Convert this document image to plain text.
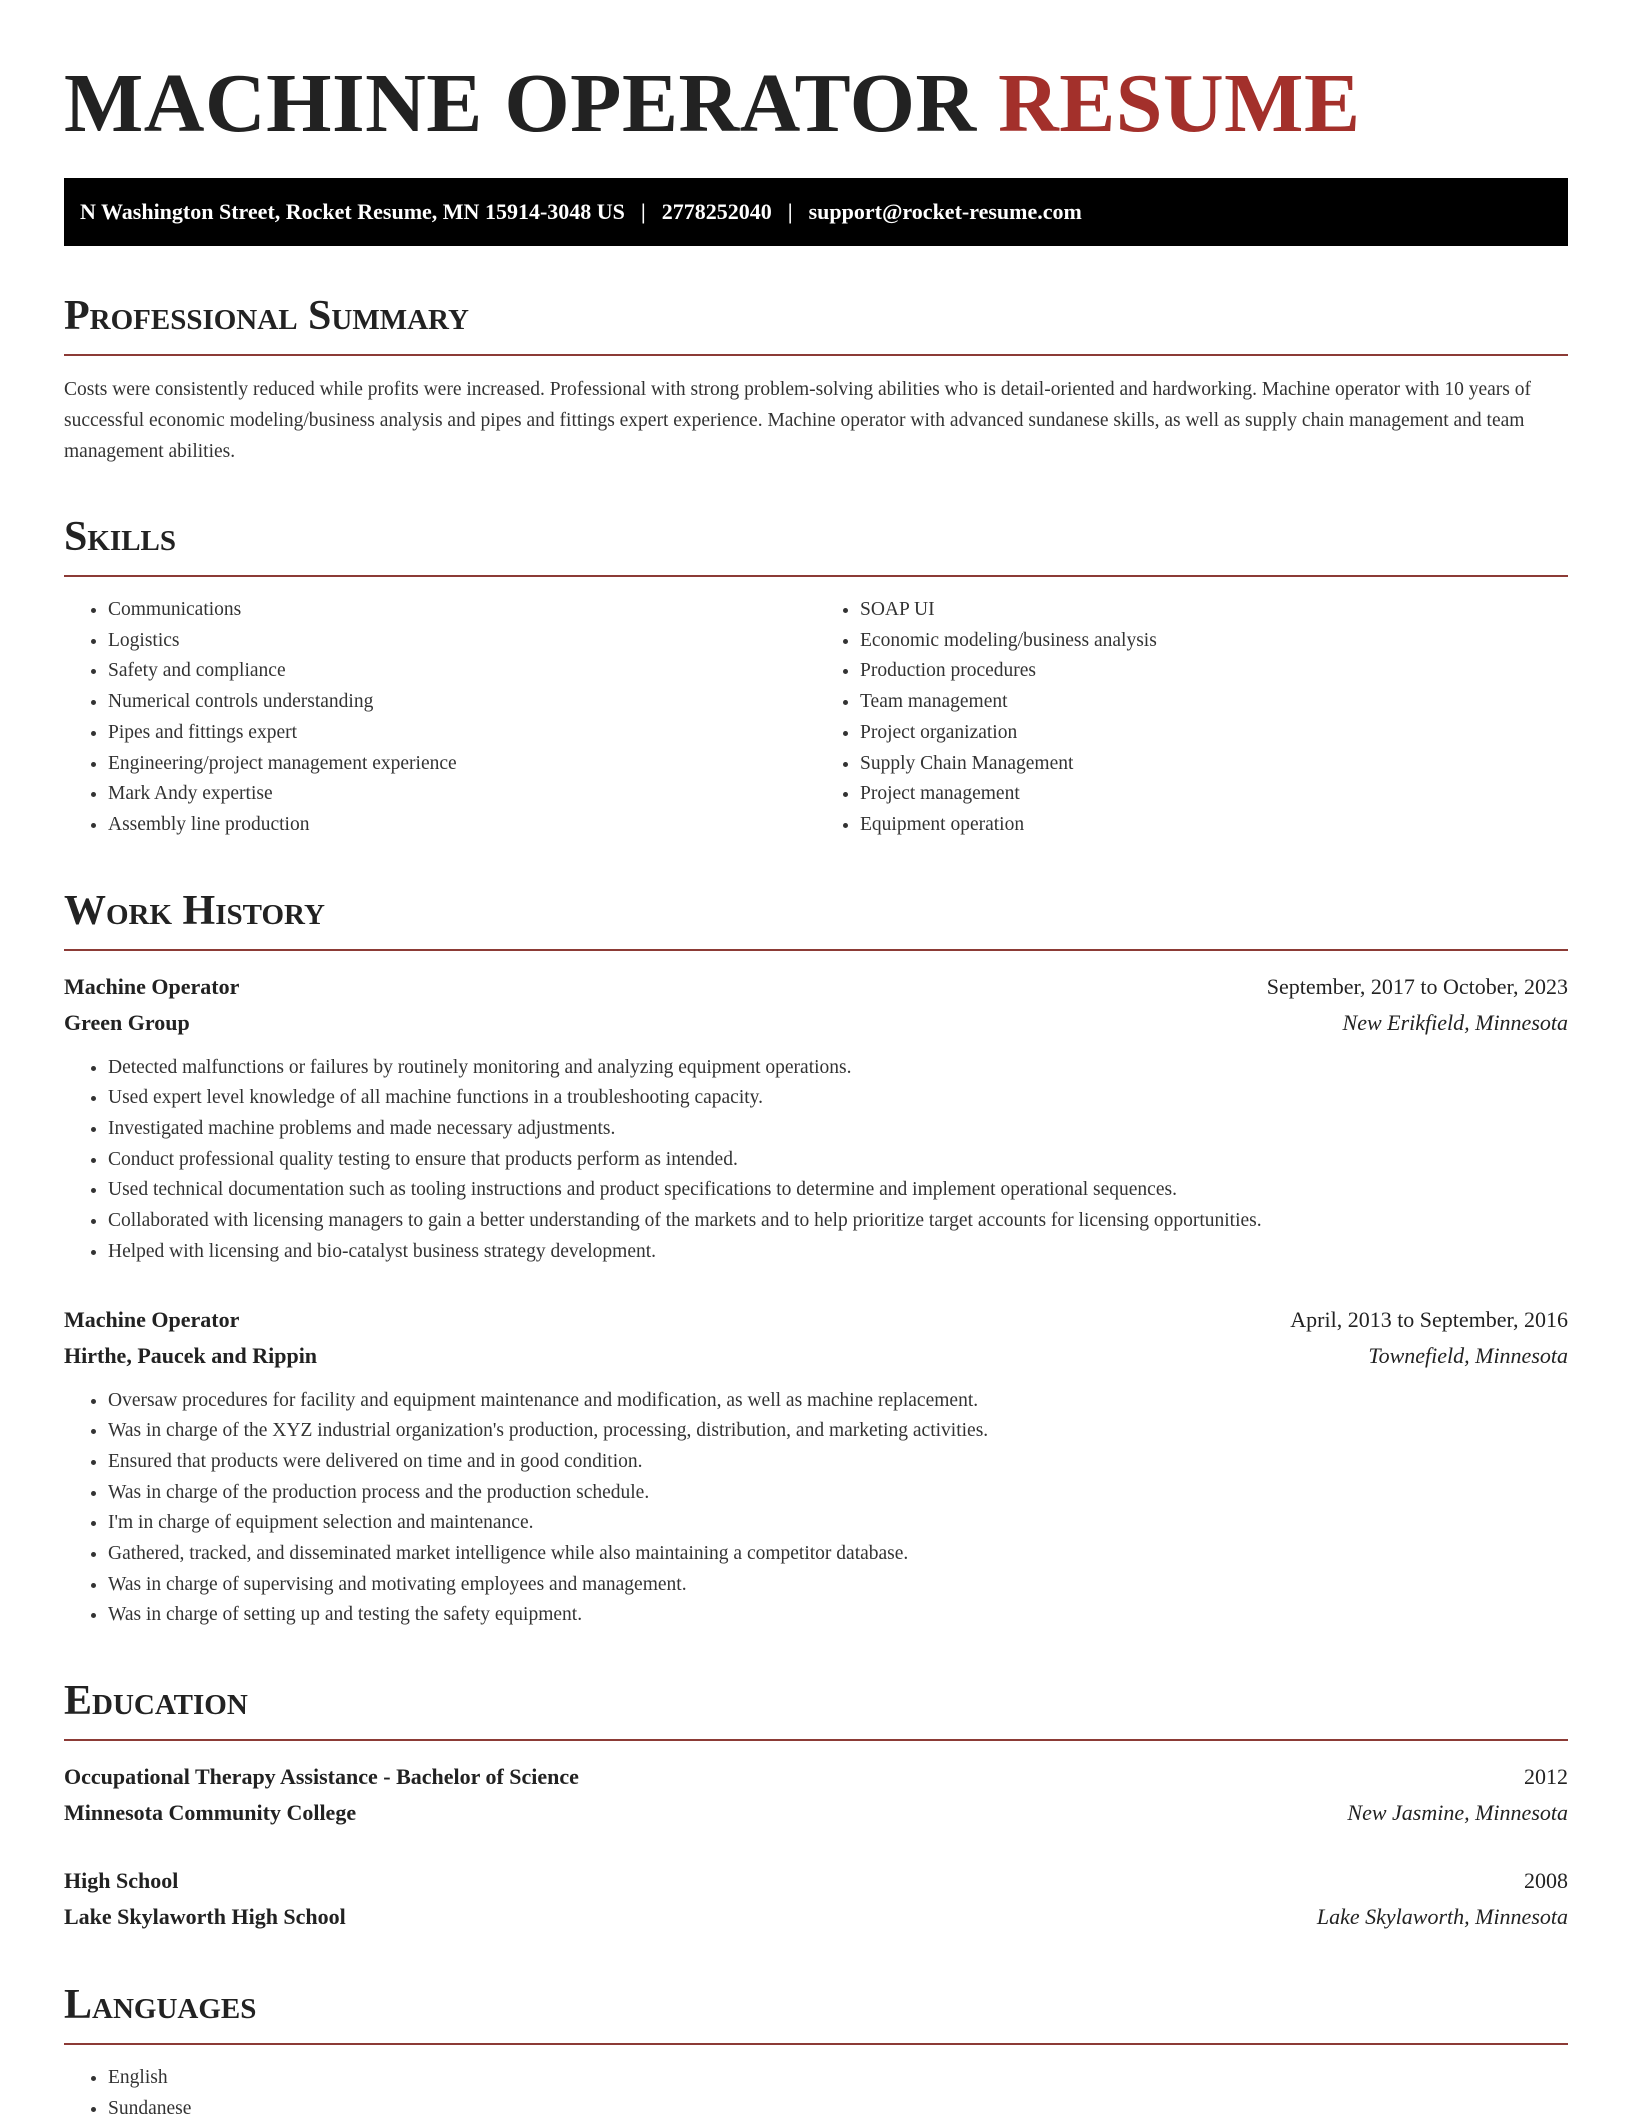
MACHINE OPERATOR RESUME
N Washington Street, Rocket Resume, MN 15914-3048 US | 2778252040 | support@rocket-resume.com
Professional Summary

Costs were consistently reduced while profits were increased. Professional with strong problem-solving abilities who is detail-oriented and hardworking. Machine operator with 10 years of successful economic modeling/business analysis and pipes and fittings expert experience. Machine operator with advanced sundanese skills, as well as supply chain management and team management abilities.

Skills
• Communications
• Logistics
• Safety and compliance
• Numerical controls understanding
• Pipes and fittings expert
• Engineering/project management experience
• Mark Andy expertise
• Assembly line production
• SOAP UI
• Economic modeling/business analysis
• Production procedures
• Team management
• Project organization
• Supply Chain Management
• Project management
• Equipment operation
Work History
Machine Operator	September, 2017 to October, 2023
Green Group	New Erikfield, Minnesota
• Detected malfunctions or failures by routinely monitoring and analyzing equipment operations.
• Used expert level knowledge of all machine functions in a troubleshooting capacity.
• Investigated machine problems and made necessary adjustments.
• Conduct professional quality testing to ensure that products perform as intended.
• Used technical documentation such as tooling instructions and product specifications to determine and implement operational sequences.
• Collaborated with licensing managers to gain a better understanding of the markets and to help prioritize target accounts for licensing opportunities.
• Helped with licensing and bio-catalyst business strategy development.
Machine Operator	April, 2013 to September, 2016
Hirthe, Paucek and Rippin	Townefield, Minnesota
• Oversaw procedures for facility and equipment maintenance and modification, as well as machine replacement.
• Was in charge of the XYZ industrial organization's production, processing, distribution, and marketing activities.
• Ensured that products were delivered on time and in good condition.
• Was in charge of the production process and the production schedule.
• I'm in charge of equipment selection and maintenance.
• Gathered, tracked, and disseminated market intelligence while also maintaining a competitor database.
• Was in charge of supervising and motivating employees and management.
• Was in charge of setting up and testing the safety equipment.
Education
Occupational Therapy Assistance - Bachelor of Science	2012
Minnesota Community College	New Jasmine, Minnesota
High School	2008
Lake Skylaworth High School	Lake Skylaworth, Minnesota
Languages
• English
• Sundanese
